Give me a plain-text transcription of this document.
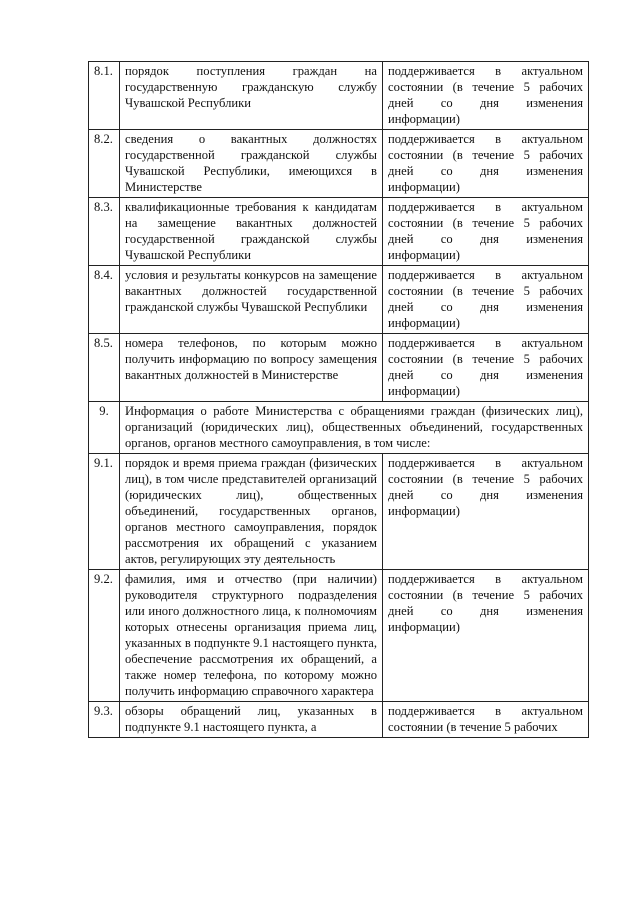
8.1.	порядок поступления граждан на государственную гражданскую службу Чувашской Республики	поддерживается в актуальном состоянии (в течение 5 рабочих дней со дня изменения информации)
8.2.	сведения о вакантных должностях государственной гражданской службы Чувашской Республики, имеющихся в Министерстве	поддерживается в актуальном состоянии (в течение 5 рабочих дней со дня изменения информации)
8.3.	квалификационные требования к кандидатам на замещение вакантных должностей государственной гражданской службы Чувашской Республики	поддерживается в актуальном состоянии (в течение 5 рабочих дней со дня изменения информации)
8.4.	условия и результаты конкурсов на замещение вакантных должностей государственной гражданской службы Чувашской Республики	поддерживается в актуальном состоянии (в течение 5 рабочих дней со дня изменения информации)
8.5.	номера телефонов, по которым можно получить информацию по вопросу замещения вакантных должностей в Министерстве	поддерживается в актуальном состоянии (в течение 5 рабочих дней со дня изменения информации)
9.	Информация о работе Министерства с обращениями граждан (физических лиц), организаций (юридических лиц), общественных объединений, государственных органов, органов местного самоуправления, в том числе:	
9.1.	порядок и время приема граждан (физических лиц), в том числе представителей организаций (юридических лиц), общественных объединений, государственных органов, органов местного самоуправления, порядок рассмотрения их обращений с указанием актов, регулирующих эту деятельность	поддерживается в актуальном состоянии (в течение 5 рабочих дней со дня изменения информации)
9.2.	фамилия, имя и отчество (при наличии) руководителя структурного подразделения или иного должностного лица, к полномочиям которых отнесены организация приема лиц, указанных в подпункте 9.1 настоящего пункта, обеспечение рассмотрения их обращений, а также номер телефона, по которому можно получить информацию справочного характера	поддерживается в актуальном состоянии (в течение 5 рабочих дней со дня изменения информации)
9.3.	обзоры обращений лиц, указанных в подпункте 9.1 настоящего пункта, а	поддерживается в актуальном состоянии (в течение 5 рабочих
